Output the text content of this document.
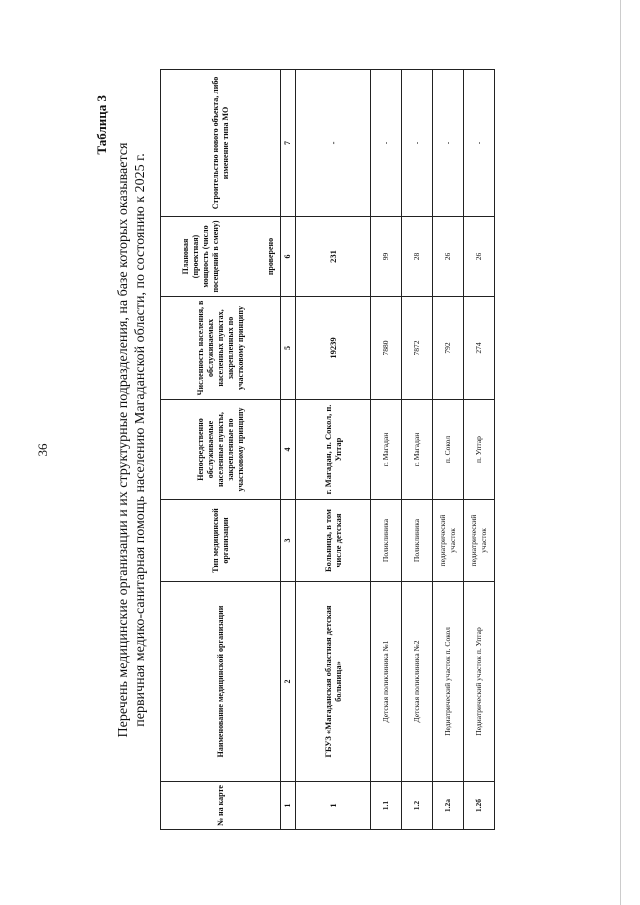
36
Таблица 3
Перечень медицинские организации и их структурные подразделения, на базе которых оказывается первичная медико-санитарная помощь населению Магаданской области, по состоянию к 2025 г.
№ на карте	Наименование медицинской организации	Тип медицинской организации	Непосредственно обслуживаемые населенные пункты, закрепленные по участковому принципу	Численность населения, в обслуживаемых населенных пунктах, закрепленных по участковому принципу	Плановая (проектная) мощность (число посещений в смену) проверено	Строительство нового объекта, либо изменение типа МО
1	2	3	4	5	6	7
1	ГБУЗ «Магаданская областная детская больница»	Больница, в том числе детская	г. Магадан, п. Сокол, п. Уптар	19239	231	-
1.1	Детская поликлиника №1	Поликлиника	г. Магадан	7880	99	-
1.2	Детская поликлиника №2	Поликлиника	г. Магадан	7872	28	-
1.2а	Педиатрический участок п. Сокол	педиатрический участок	п. Сокол	792	26	-
1.2б	Педиатрический участок п. Уптар	педиатрический участок	п. Уптар	274	26	-
